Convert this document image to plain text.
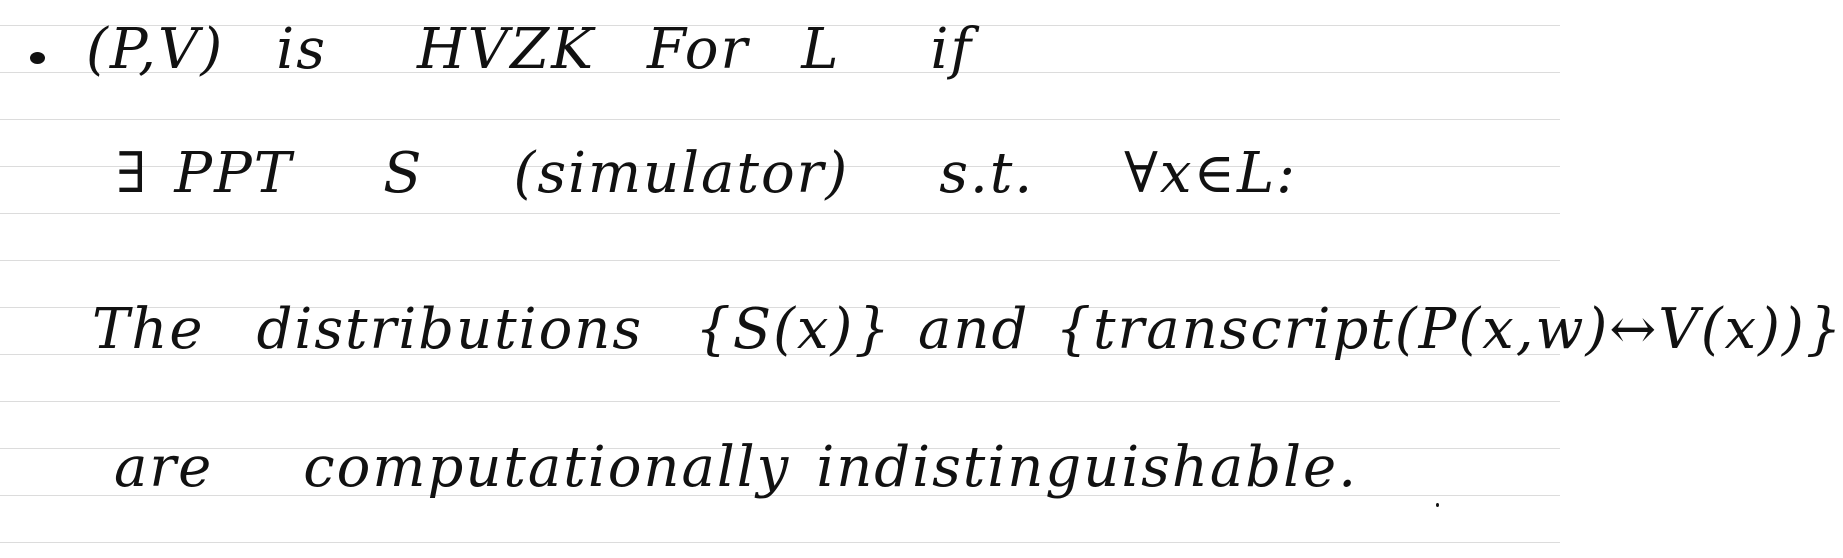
(P,V) is HVZK For L if
∃ PPT S (simulator) s.t. ∀x∈L:
The distributions {S(x)} and {transcript(P(x,w)↔V(x))}
are computationally indistinguishable.
